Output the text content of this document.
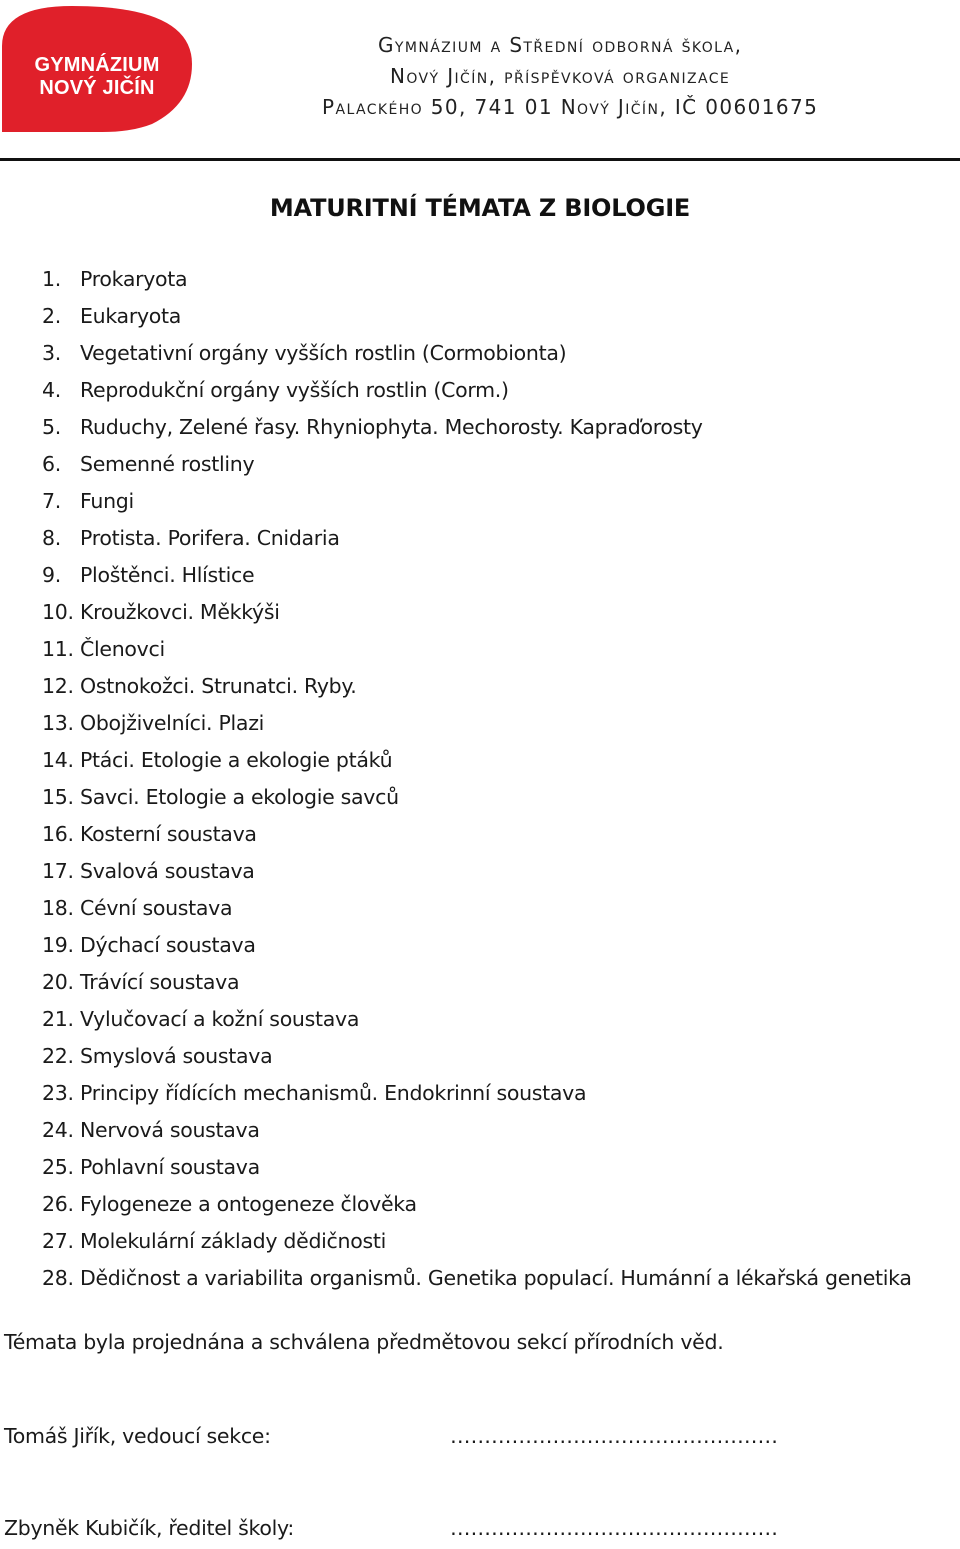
GYMNÁZIUM
NOVÝ JIČÍN
Gymnázium a Střední odborná škola,
Nový Jičín, příspěvková organizace
Palackého 50, 741 01 Nový Jičín, IČ 00601675
MATURITNÍ TÉMATA Z BIOLOGIE
1. Prokaryota
2. Eukaryota
3. Vegetativní orgány vyšších rostlin (Cormobionta)
4. Reprodukční orgány vyšších rostlin (Corm.)
5. Ruduchy, Zelené řasy. Rhyniophyta. Mechorosty. Kapraďorosty
6. Semenné rostliny
7. Fungi
8. Protista. Porifera. Cnidaria
9. Ploštěnci. Hlístice
10. Kroužkovci. Měkkýši
11. Členovci
12. Ostnokožci. Strunatci. Ryby.
13. Obojživelníci. Plazi
14. Ptáci. Etologie a ekologie ptáků
15. Savci. Etologie a ekologie savců
16. Kosterní soustava
17. Svalová soustava
18. Cévní soustava
19. Dýchací soustava
20. Trávící soustava
21. Vylučovací a kožní soustava
22. Smyslová soustava
23. Principy řídících mechanismů. Endokrinní soustava
24. Nervová soustava
25. Pohlavní soustava
26. Fylogeneze a ontogeneze člověka
27. Molekulární základy dědičnosti
28. Dědičnost a variabilita organismů. Genetika populací. Humánní a lékařská genetika
Témata byla projednána a schválena předmětovou sekcí přírodních věd.
Tomáš Jiřík, vedoucí sekce:	…………………………………………
Zbyněk Kubičík, ředitel školy:	…………………………………………
